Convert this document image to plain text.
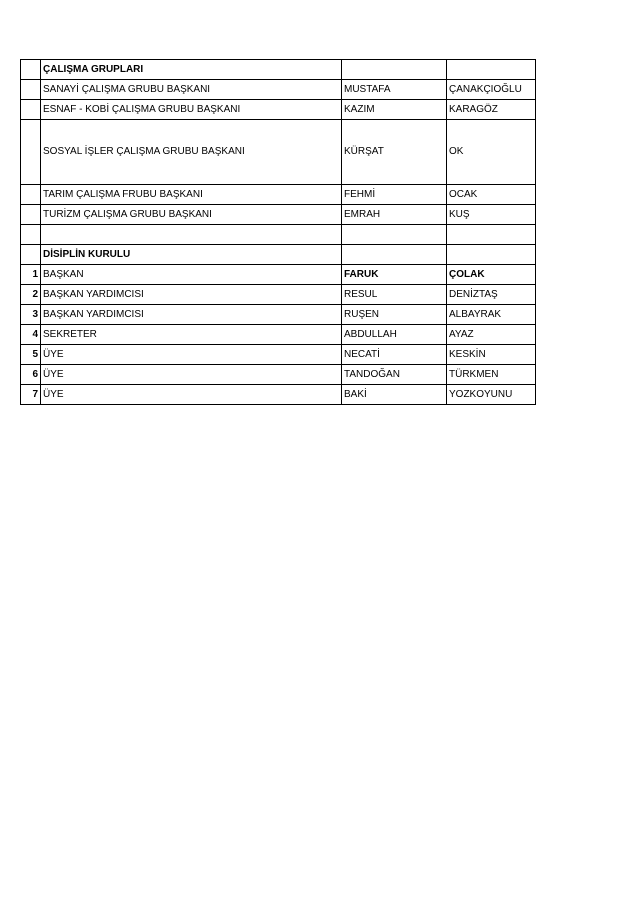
	ÇALIŞMA GRUPLARI		
	SANAYİ ÇALIŞMA GRUBU BAŞKANI	MUSTAFA	ÇANAKÇIOĞLU
	ESNAF - KOBİ ÇALIŞMA GRUBU BAŞKANI	KAZIM	KARAGÖZ
	SOSYAL İŞLER ÇALIŞMA GRUBU BAŞKANI	KÜRŞAT	OK
	TARIM ÇALIŞMA FRUBU BAŞKANI	FEHMİ	OCAK
	TURİZM ÇALIŞMA GRUBU BAŞKANI	EMRAH	KUŞ

	DİSİPLİN KURULU		
1	BAŞKAN	FARUK	ÇOLAK
2	BAŞKAN YARDIMCISI	RESUL	DENİZTAŞ
3	BAŞKAN YARDIMCISI	RUŞEN	ALBAYRAK
4	SEKRETER	ABDULLAH	AYAZ
5	ÜYE	NECATİ	KESKİN
6	ÜYE	TANDOĞAN	TÜRKMEN
7	ÜYE	BAKİ	YOZKOYUNU
